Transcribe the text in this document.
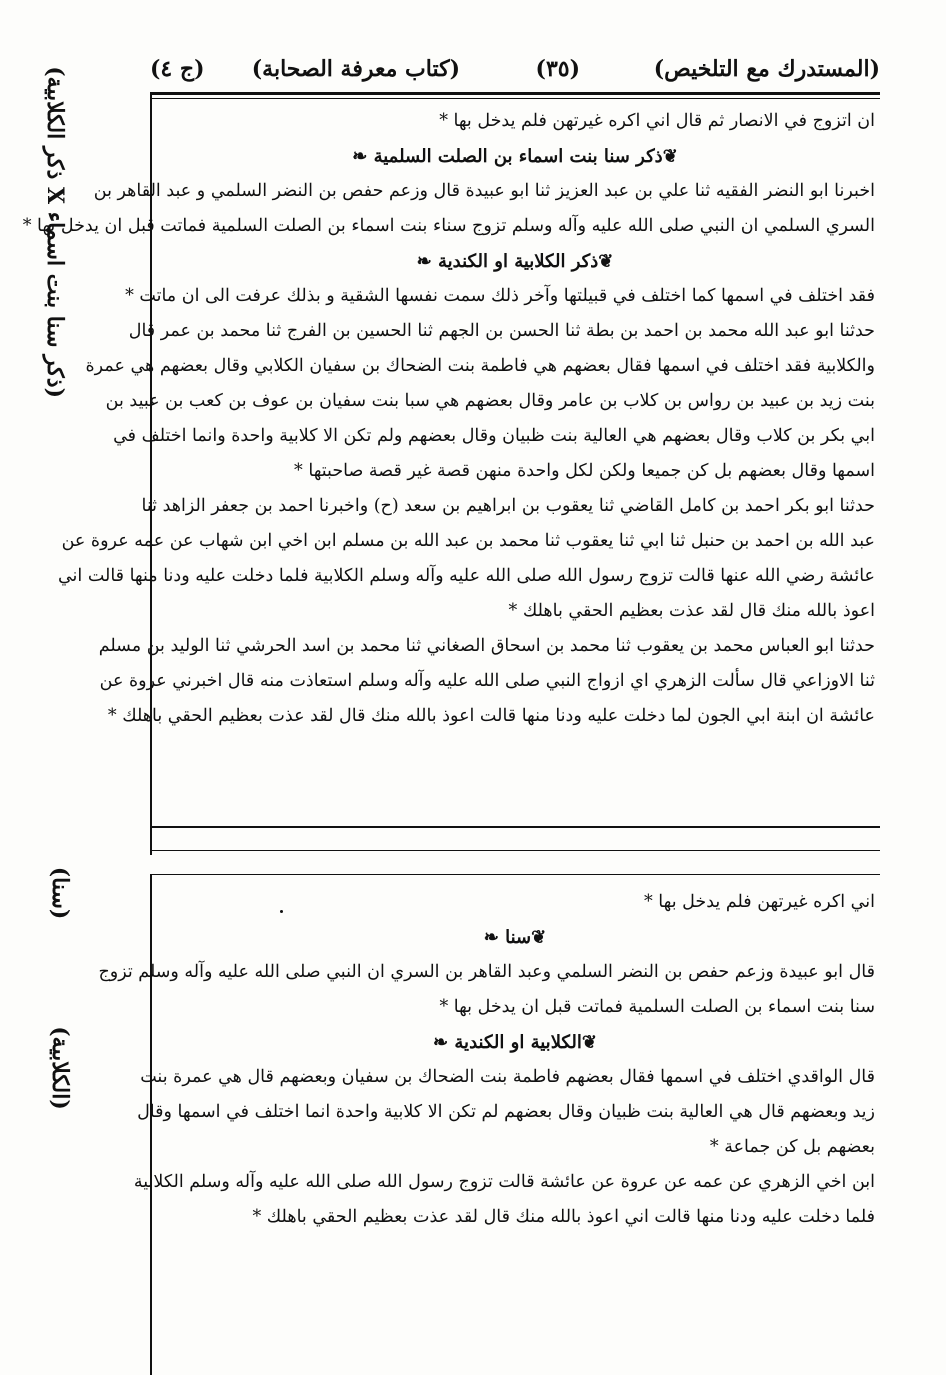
(المستدرك مع التلخيص)
(٣٥)
(كتاب معرفة الصحابة)
(ج ٤)
(ذكر سنا بنت اسماء X ذكر الكلابية)
(سنا)
(الكلابية)
ان اتزوج في الانصار ثم قال اني اكره غيرتهن فلم يدخل بها *
❦ ذكر سنا بنت اسماء بن الصلت السلمية ❧
اخبرنا ابو النضر الفقيه ثنا علي بن عبد العزيز ثنا ابو عبيدة قال وزعم حفص بن النضر السلمي و عبد القاهر بن
السري السلمي ان النبي صلى الله عليه وآله وسلم تزوج سناء بنت اسماء بن الصلت السلمية فماتت قبل ان يدخل بها *
❦ ذكر الكلابية او الكندية ❧
فقد اختلف في اسمها كما اختلف في قبيلتها وآخر ذلك سمت نفسها الشقية و بذلك عرفت الى ان ماتت *
حدثنا ابو عبد الله محمد بن احمد بن بطة ثنا الحسن بن الجهم ثنا الحسين بن الفرج ثنا محمد بن عمر قال
والكلابية فقد اختلف في اسمها فقال بعضهم هي فاطمة بنت الضحاك بن سفيان الكلابي وقال بعضهم هي عمرة
بنت زيد بن عبيد بن رواس بن كلاب بن عامر وقال بعضهم هي سبا بنت سفيان بن عوف بن كعب بن عبيد بن
ابي بكر بن كلاب وقال بعضهم هي العالية بنت ظبيان وقال بعضهم ولم تكن الا كلابية واحدة وانما اختلف في
اسمها وقال بعضهم بل كن جميعا ولكن لكل واحدة منهن قصة غير قصة صاحبتها *
حدثنا ابو بكر احمد بن كامل القاضي ثنا يعقوب بن ابراهيم بن سعد (ح) واخبرنا احمد بن جعفر الزاهد ثنا
عبد الله بن احمد بن حنبل ثنا ابي ثنا يعقوب ثنا محمد بن عبد الله بن مسلم ابن اخي ابن شهاب عن عمه عروة عن
عائشة رضي الله عنها قالت تزوج رسول الله صلى الله عليه وآله وسلم الكلابية فلما دخلت عليه ودنا منها قالت اني
اعوذ بالله منك قال لقد عذت بعظيم الحقي باهلك *
حدثنا ابو العباس محمد بن يعقوب ثنا محمد بن اسحاق الصغاني ثنا محمد بن اسد الحرشي ثنا الوليد بن مسلم
ثنا الاوزاعي قال سألت الزهري اي ازواج النبي صلى الله عليه وآله وسلم استعاذت منه قال اخبرني عروة عن
عائشة ان ابنة ابي الجون لما دخلت عليه ودنا منها قالت اعوذ بالله منك قال لقد عذت بعظيم الحقي باهلك *
اني اكره غيرتهن فلم يدخل بها *
❦ سنا ❧
قال ابو عبيدة وزعم حفص بن النضر السلمي وعبد القاهر بن السري ان النبي صلى الله عليه وآله وسلم تزوج
سنا بنت اسماء بن الصلت السلمية فماتت قبل ان يدخل بها *
❦ الكلابية او الكندية ❧
قال الواقدي اختلف في اسمها فقال بعضهم فاطمة بنت الضحاك بن سفيان وبعضهم قال هي عمرة بنت
زيد وبعضهم قال هي العالية بنت ظبيان وقال بعضهم لم تكن الا كلابية واحدة انما اختلف في اسمها وقال
بعضهم بل كن جماعة *
ابن اخي الزهري عن عمه عن عروة عن عائشة قالت تزوج رسول الله صلى الله عليه وآله وسلم الكلابية
فلما دخلت عليه ودنا منها قالت اني اعوذ بالله منك قال لقد عذت بعظيم الحقي باهلك *
